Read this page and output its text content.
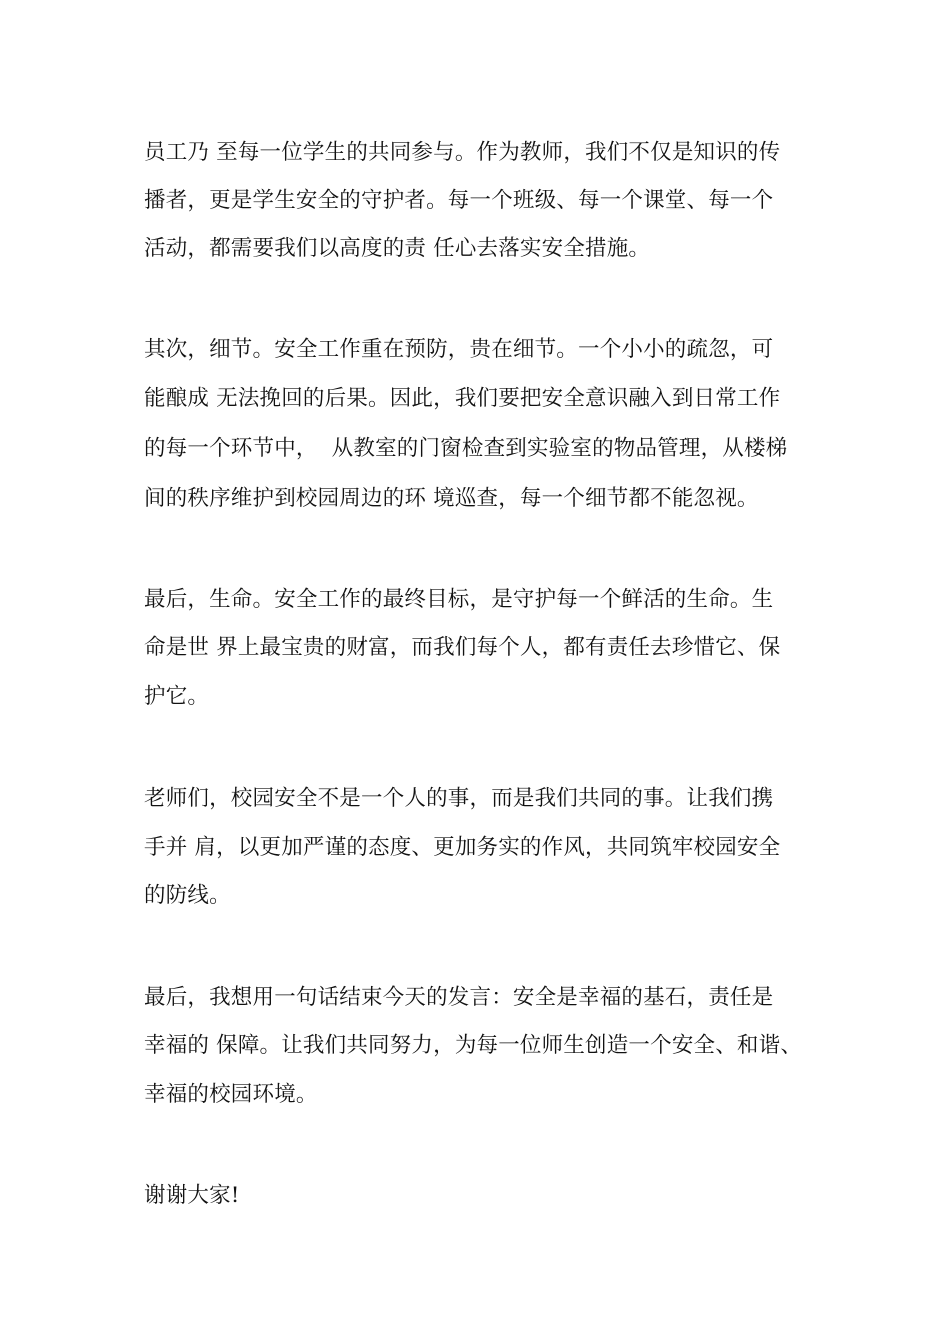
员工乃 至每一位学生的共同参与。作为教师，我们不仅是知识的传
播者，更是学生安全的守护者。每一个班级、每一个课堂、每一个
活动，都需要我们以高度的责 任心去落实安全措施。
其次，细节。安全工作重在预防，贵在细节。一个小小的疏忽，可
能酿成 无法挽回的后果。因此，我们要把安全意识融入到日常工作
的每一个环节中，  从教室的门窗检查到实验室的物品管理，从楼梯
间的秩序维护到校园周边的环 境巡查，每一个细节都不能忽视。
最后，生命。安全工作的最终目标，是守护每一个鲜活的生命。生
命是世 界上最宝贵的财富，而我们每个人，都有责任去珍惜它、保
护它。
老师们，校园安全不是一个人的事，而是我们共同的事。让我们携
手并 肩，以更加严谨的态度、更加务实的作风，共同筑牢校园安全
的防线。
最后，我想用一句话结束今天的发言：安全是幸福的基石，责任是
幸福的 保障。让我们共同努力，为每一位师生创造一个安全、和谐、
幸福的校园环境。
谢谢大家!
